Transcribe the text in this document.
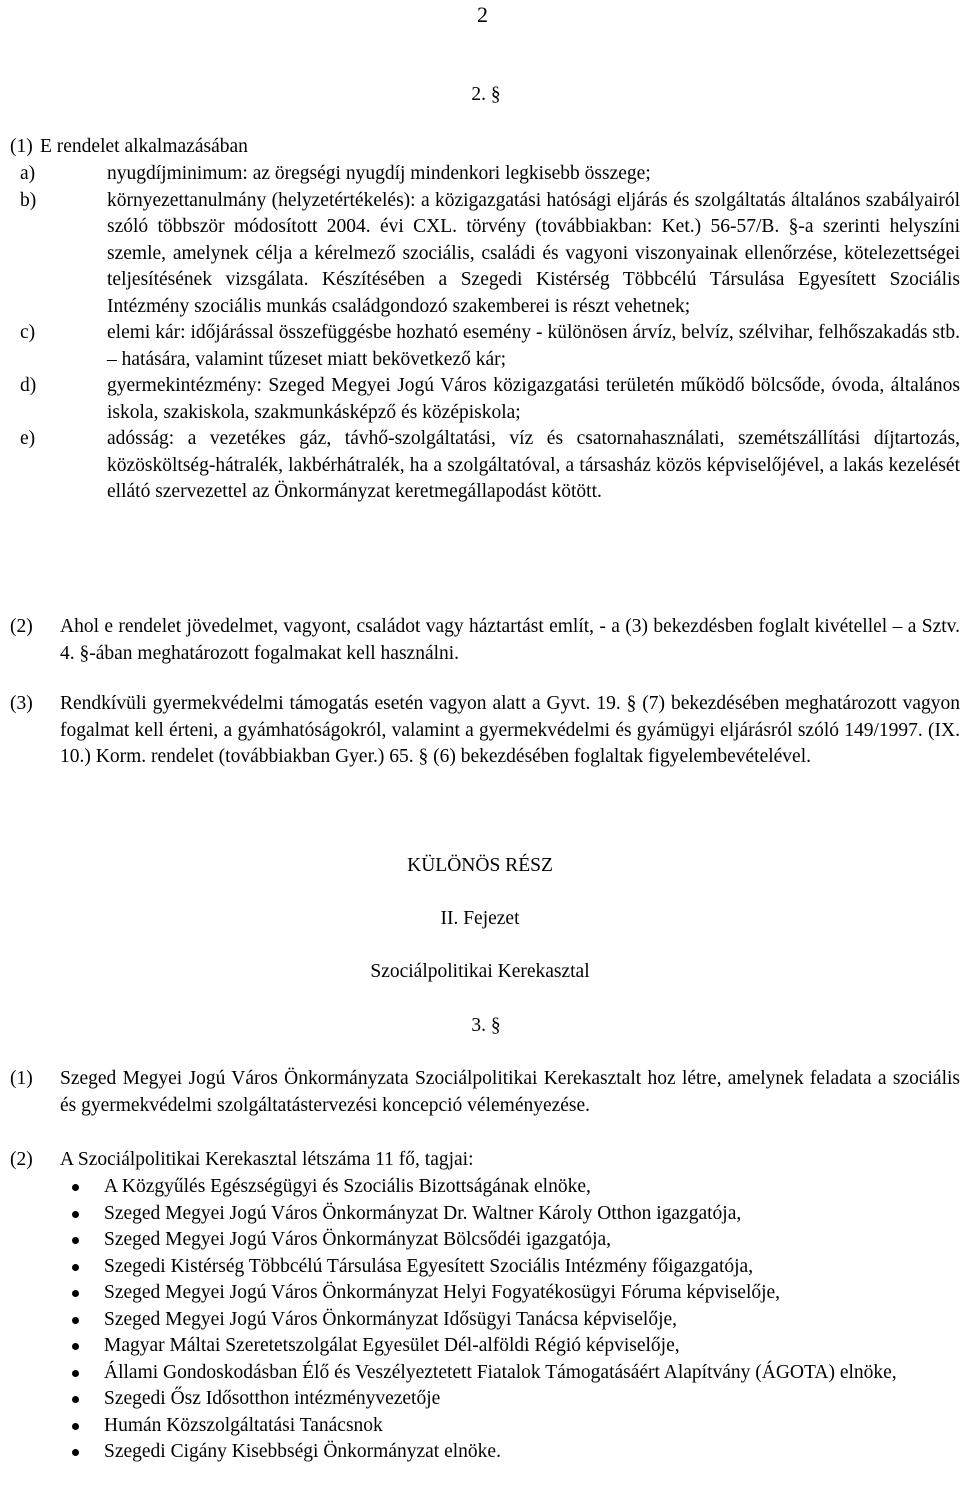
2
2. §
(1) E rendelet alkalmazásában
a)	nyugdíjminimum: az öregségi nyugdíj mindenkori legkisebb összege;
b)	környezettanulmány (helyzetértékelés): a közigazgatási hatósági eljárás és szolgáltatás általános szabályairól szóló többször módosított 2004. évi CXL. törvény (továbbiakban: Ket.) 56-57/B. §-a szerinti helyszíni szemle, amelynek célja a kérelmező szociális, családi és vagyoni viszonyainak ellenőrzése, kötelezettségei teljesítésének vizsgálata. Készítésében a Szegedi Kistérség Többcélú Társulása Egyesített Szociális Intézmény szociális munkás családgondozó szakemberei is részt vehetnek;
c)	elemi kár: időjárással összefüggésbe hozható esemény - különösen árvíz, belvíz, szélvihar, felhőszakadás stb. – hatására, valamint tűzeset miatt bekövetkező kár;
d)	gyermekintézmény: Szeged Megyei Jogú Város közigazgatási területén működő bölcsőde, óvoda, általános iskola, szakiskola, szakmunkásképző és középiskola;
e)	adósság: a vezetékes gáz, távhő-szolgáltatási, víz és csatornahasználati, szemétszállítási díjtartozás, közösköltség-hátralék, lakbérhátralék, ha a szolgáltatóval, a társasház közös képviselőjével, a lakás kezelését ellátó szervezettel az Önkormányzat keretmegállapodást kötött.
(2) Ahol e rendelet jövedelmet, vagyont, családot vagy háztartást említ, - a (3) bekezdésben foglalt kivétellel – a Sztv. 4. §-ában meghatározott fogalmakat kell használni.
(3) Rendkívüli gyermekvédelmi támogatás esetén vagyon alatt a Gyvt. 19. § (7) bekezdésében meghatározott vagyon fogalmat kell érteni, a gyámhatóságokról, valamint a gyermekvédelmi és gyámügyi eljárásról szóló 149/1997. (IX. 10.) Korm. rendelet (továbbiakban Gyer.) 65. § (6) bekezdésében foglaltak figyelembevételével.
KÜLÖNÖS RÉSZ
II. Fejezet
Szociálpolitikai Kerekasztal
3. §
(1) Szeged Megyei Jogú Város Önkormányzata Szociálpolitikai Kerekasztalt hoz létre, amelynek feladata a szociális és gyermekvédelmi szolgáltatástervezési koncepció véleményezése.
(2) A Szociálpolitikai Kerekasztal létszáma 11 fő, tagjai:
A Közgyűlés Egészségügyi és Szociális Bizottságának elnöke,
Szeged Megyei Jogú Város Önkormányzat Dr. Waltner Károly Otthon igazgatója,
Szeged Megyei Jogú Város Önkormányzat Bölcsődéi igazgatója,
Szegedi Kistérség Többcélú Társulása Egyesített Szociális Intézmény főigazgatója,
Szeged Megyei Jogú Város Önkormányzat Helyi Fogyatékosügyi Fóruma képviselője,
Szeged Megyei Jogú Város Önkormányzat Idősügyi Tanácsa képviselője,
Magyar Máltai Szeretetszolgálat Egyesület Dél-alföldi Régió képviselője,
Állami Gondoskodásban Élő és Veszélyeztetett Fiatalok Támogatásáért Alapítvány (ÁGOTA) elnöke,
Szegedi Ősz Idősotthon intézményvezetője
Humán Közszolgáltatási Tanácsnok
Szegedi Cigány Kisebbségi Önkormányzat elnöke.
